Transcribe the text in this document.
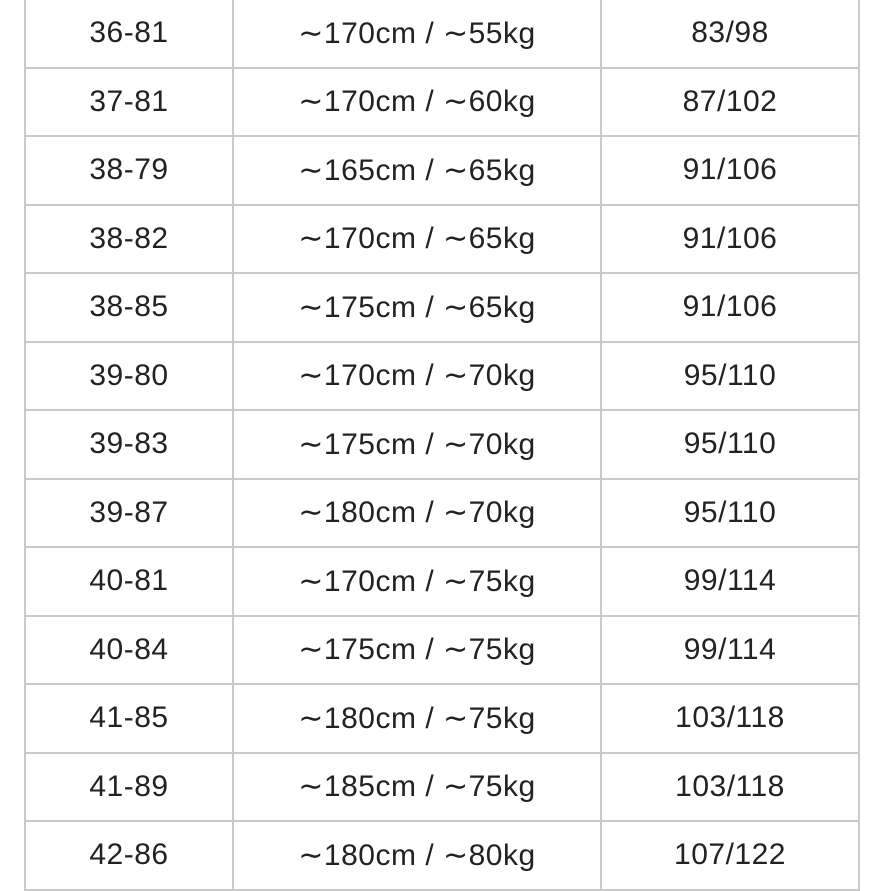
36-81	∼170cm / ∼55kg	83/98
37-81	∼170cm / ∼60kg	87/102
38-79	∼165cm / ∼65kg	91/106
38-82	∼170cm / ∼65kg	91/106
38-85	∼175cm / ∼65kg	91/106
39-80	∼170cm / ∼70kg	95/110
39-83	∼175cm / ∼70kg	95/110
39-87	∼180cm / ∼70kg	95/110
40-81	∼170cm / ∼75kg	99/114
40-84	∼175cm / ∼75kg	99/114
41-85	∼180cm / ∼75kg	103/118
41-89	∼185cm / ∼75kg	103/118
42-86	∼180cm / ∼80kg	107/122
